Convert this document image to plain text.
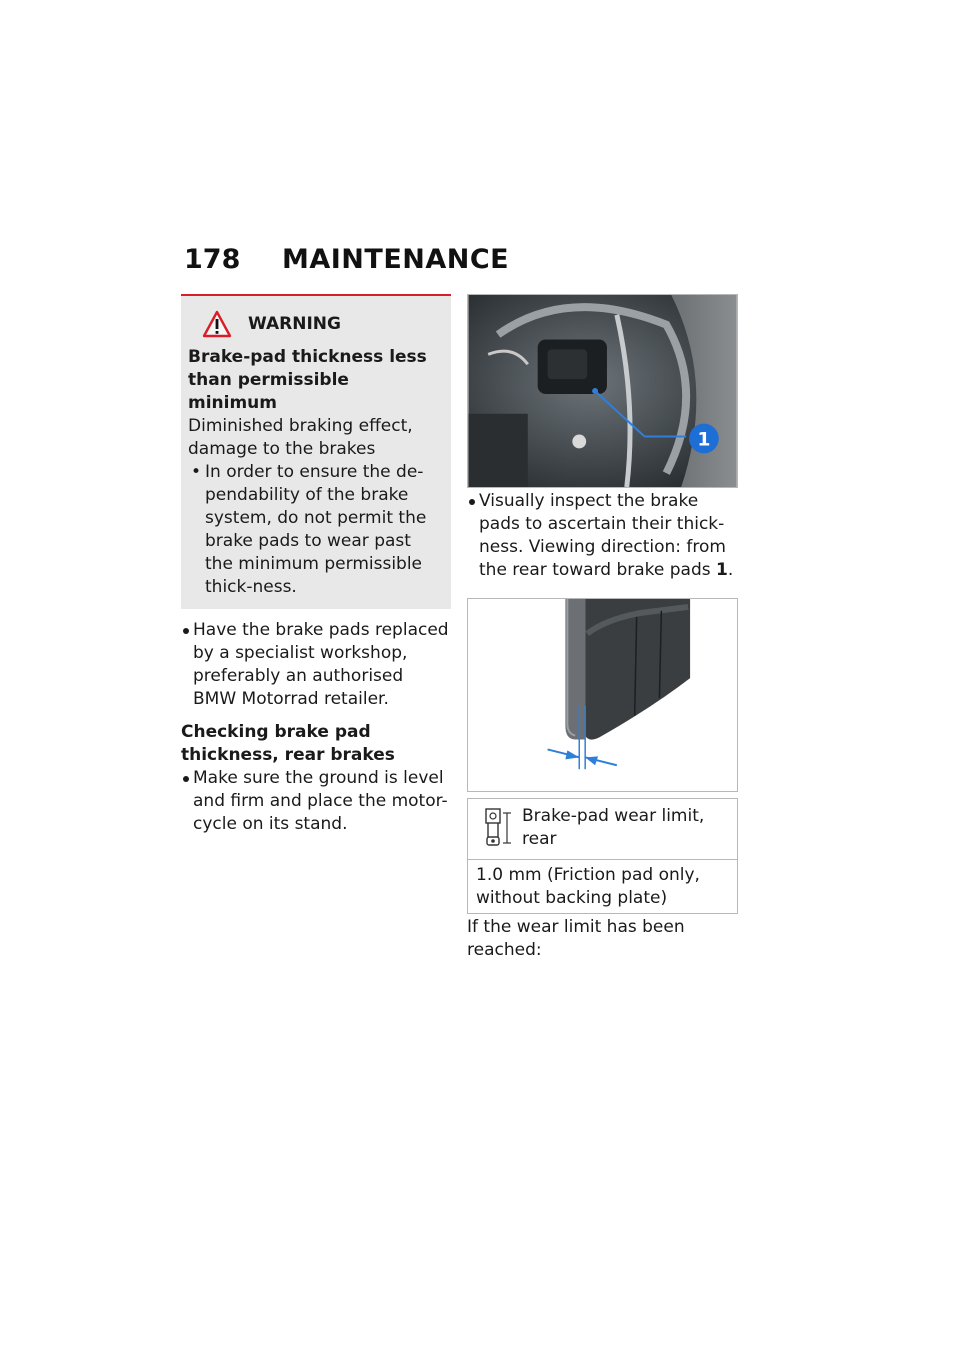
178 MAINTENANCE
WARNING
Brake-pad thickness less than permissible minimum
Diminished braking effect, damage to the brakes
• In order to ensure the de-pendability of the brake system, do not permit the brake pads to wear past the minimum permissible thick-ness.
Have the brake pads replaced by a specialist workshop, preferably an authorised BMW Motorrad retailer.
Checking brake pad thickness, rear brakes
Make sure the ground is level and firm and place the motor-cycle on its stand.
1
Visually inspect the brake pads to ascertain their thick-ness. Viewing direction: from the rear toward brake pads 1.
Brake-pad wear limit, rear
1.0 mm (Friction pad only, without backing plate)
If the wear limit has been reached:
